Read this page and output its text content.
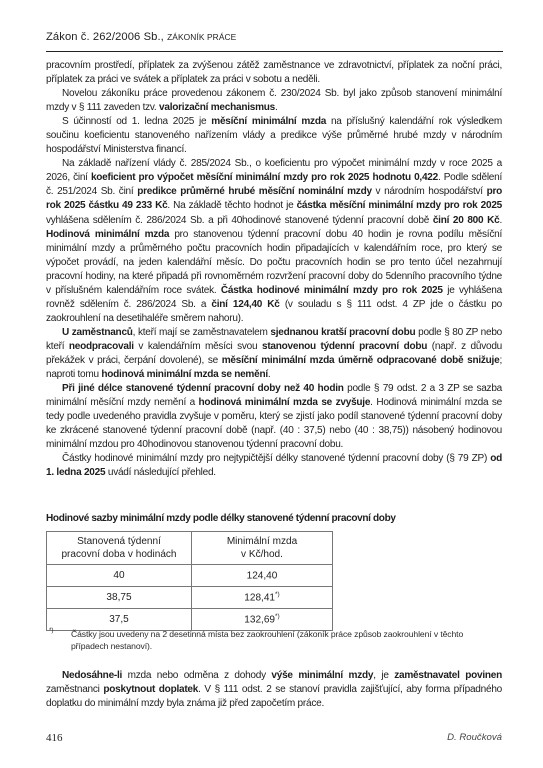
Zákon č. 262/2006 Sb., ZÁKONÍK PRÁCE

pracovním prostředí, příplatek za zvýšenou zátěž zaměstnance ve zdravotnictví, příplatek za noční práci, příplatek za práci ve svátek a příplatek za práci v sobotu a neděli.

Novelou zákoníku práce provedenou zákonem č. 230/2024 Sb. byl jako způsob stanovení minimální mzdy v § 111 zaveden tzv. valorizační mechanismus.

S účinností od 1. ledna 2025 je měsíční minimální mzda na příslušný kalendářní rok výsledkem součinu koeficientu stanoveného nařízením vlády a predikce výše průměrné hrubé mzdy v národním hospodářství Ministerstva financí.

Na základě nařízení vlády č. 285/2024 Sb., o koeficientu pro výpočet minimální mzdy v roce 2025 a 2026, činí koeficient pro výpočet měsíční minimální mzdy pro rok 2025 hodnotu 0,422. Podle sdělení č. 251/2024 Sb. činí predikce průměrné hrubé měsíční nominální mzdy v národním hospodářství pro rok 2025 částku 49 233 Kč. Na základě těchto hodnot je částka měsíční minimální mzdy pro rok 2025 vyhlášena sdělením č. 286/2024 Sb. a při 40hodinové stanovené týdenní pracovní době činí 20 800 Kč. Hodinová minimální mzda pro stanovenou týdenní pracovní dobu 40 hodin je rovna podílu měsíční minimální mzdy a průměrného počtu pracovních hodin připadajících v kalendářním roce, pro který se výpočet provádí, na jeden kalendářní měsíc. Do počtu pracovních hodin se pro tento účel nezahrnují pracovní hodiny, na které připadá při rovnoměrném rozvržení pracovní doby do 5denního pracovního týdne v příslušném kalendářním roce svátek. Částka hodinové minimální mzdy pro rok 2025 je vyhlášena rovněž sdělením č. 286/2024 Sb. a činí 124,40 Kč (v souladu s § 111 odst. 4 ZP jde o částku po zaokrouhlení na desetihaléře směrem nahoru).

U zaměstnanců, kteří mají se zaměstnavatelem sjednanou kratší pracovní dobu podle § 80 ZP nebo kteří neodpracovali v kalendářním měsíci svou stanovenou týdenní pracovní dobu (např. z důvodu překážek v práci, čerpání dovolené), se měsíční minimální mzda úměrně odpracované době snižuje; naproti tomu hodinová minimální mzda se nemění.

Při jiné délce stanovené týdenní pracovní doby než 40 hodin podle § 79 odst. 2 a 3 ZP se sazba minimální měsíční mzdy nemění a hodinová minimální mzda se zvyšuje. Hodinová minimální mzda se tedy podle uvedeného pravidla zvyšuje v poměru, který se zjistí jako podíl stanovené týdenní pracovní doby ke zkrácené stanovené týdenní pracovní době (např. (40 : 37,5) nebo (40 : 38,75)) násobený hodinovou minimální mzdou pro 40hodinovou stanovenou týdenní pracovní dobu.

Částky hodinové minimální mzdy pro nejtypičtější délky stanovené týdenní pracovní doby (§ 79 ZP) od 1. ledna 2025 uvádí následující přehled.

Hodinové sazby minimální mzdy podle délky stanovené týdenní pracovní doby
Stanovená týdenní
pracovní doba v hodinách	Minimální mzda
v Kč/hod.
40	124,40
38,75	128,41*)
37,5	132,69*)
*) Částky jsou uvedeny na 2 desetinná místa bez zaokrouhlení (zákoník práce způsob zaokrouhlení v těchto případech nestanoví).

Nedosáhne-li mzda nebo odměna z dohody výše minimální mzdy, je zaměstnavatel povinen zaměstnanci poskytnout doplatek. V § 111 odst. 2 se stanoví pravidla zajišťující, aby forma případného doplatku do minimální mzdy byla známa již před započetím práce.

416	D. Roučková
